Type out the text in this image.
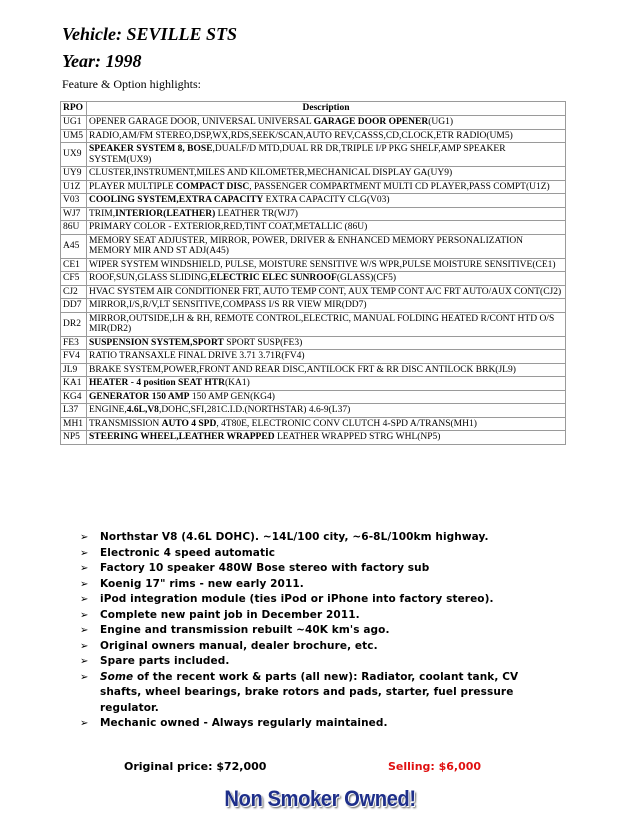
Vehicle: SEVILLE STS
Year: 1998
Feature & Option highlights:
RPO	Description
UG1	OPENER GARAGE DOOR, UNIVERSAL UNIVERSAL GARAGE DOOR OPENER(UG1)
UM5	RADIO,AM/FM STEREO,DSP,WX,RDS,SEEK/SCAN,AUTO REV,CASSS,CD,CLOCK,ETR RADIO(UM5)
UX9	SPEAKER SYSTEM 8, BOSE,DUALF/D MTD,DUAL RR DR,TRIPLE I/P PKG SHELF,AMP SPEAKER SYSTEM(UX9)
UY9	CLUSTER,INSTRUMENT,MILES AND KILOMETER,MECHANICAL DISPLAY GA(UY9)
U1Z	PLAYER MULTIPLE COMPACT DISC, PASSENGER COMPARTMENT MULTI CD PLAYER,PASS COMPT(U1Z)
V03	COOLING SYSTEM,EXTRA CAPACITY EXTRA CAPACITY CLG(V03)
WJ7	TRIM,INTERIOR(LEATHER) LEATHER TR(WJ7)
86U	PRIMARY COLOR - EXTERIOR,RED,TINT COAT,METALLIC (86U)
A45	MEMORY SEAT ADJUSTER, MIRROR, POWER, DRIVER & ENHANCED MEMORY PERSONALIZATION MEMORY MIR AND ST ADJ(A45)
CE1	WIPER SYSTEM WINDSHIELD, PULSE, MOISTURE SENSITIVE W/S WPR,PULSE MOISTURE SENSITIVE(CE1)
CF5	ROOF,SUN,GLASS SLIDING,ELECTRIC ELEC SUNROOF(GLASS)(CF5)
CJ2	HVAC SYSTEM AIR CONDITIONER FRT, AUTO TEMP CONT, AUX TEMP CONT A/C FRT AUTO/AUX CONT(CJ2)
DD7	MIRROR,I/S,R/V,LT SENSITIVE,COMPASS I/S RR VIEW MIR(DD7)
DR2	MIRROR,OUTSIDE,LH & RH, REMOTE CONTROL,ELECTRIC, MANUAL FOLDING HEATED R/CONT HTD O/S MIR(DR2)
FE3	SUSPENSION SYSTEM,SPORT SPORT SUSP(FE3)
FV4	RATIO TRANSAXLE FINAL DRIVE 3.71 3.71R(FV4)
JL9	BRAKE SYSTEM,POWER,FRONT AND REAR DISC,ANTILOCK FRT & RR DISC ANTILOCK BRK(JL9)
KA1	HEATER - 4 position SEAT HTR(KA1)
KG4	GENERATOR 150 AMP 150 AMP GEN(KG4)
L37	ENGINE,4.6L,V8,DOHC,SFI,281C.I.D.(NORTHSTAR) 4.6-9(L37)
MH1	TRANSMISSION AUTO 4 SPD, 4T80E, ELECTRONIC CONV CLUTCH 4-SPD A/TRANS(MH1)
NP5	STEERING WHEEL,LEATHER WRAPPED LEATHER WRAPPED STRG WHL(NP5)
➢ Northstar V8 (4.6L DOHC). ~14L/100 city, ~6-8L/100km highway.
➢ Electronic 4 speed automatic
➢ Factory 10 speaker 480W Bose stereo with factory sub
➢ Koenig 17" rims - new early 2011.
➢ iPod integration module (ties iPod or iPhone into factory stereo).
➢ Complete new paint job in December 2011.
➢ Engine and transmission rebuilt ~40K km's ago.
➢ Original owners manual, dealer brochure, etc.
➢ Spare parts included.
➢ Some of the recent work & parts (all new): Radiator, coolant tank, CV shafts, wheel bearings, brake rotors and pads, starter, fuel pressure regulator.
➢ Mechanic owned - Always regularly maintained.
Original price: $72,000	Selling: $6,000
Non Smoker Owned!
